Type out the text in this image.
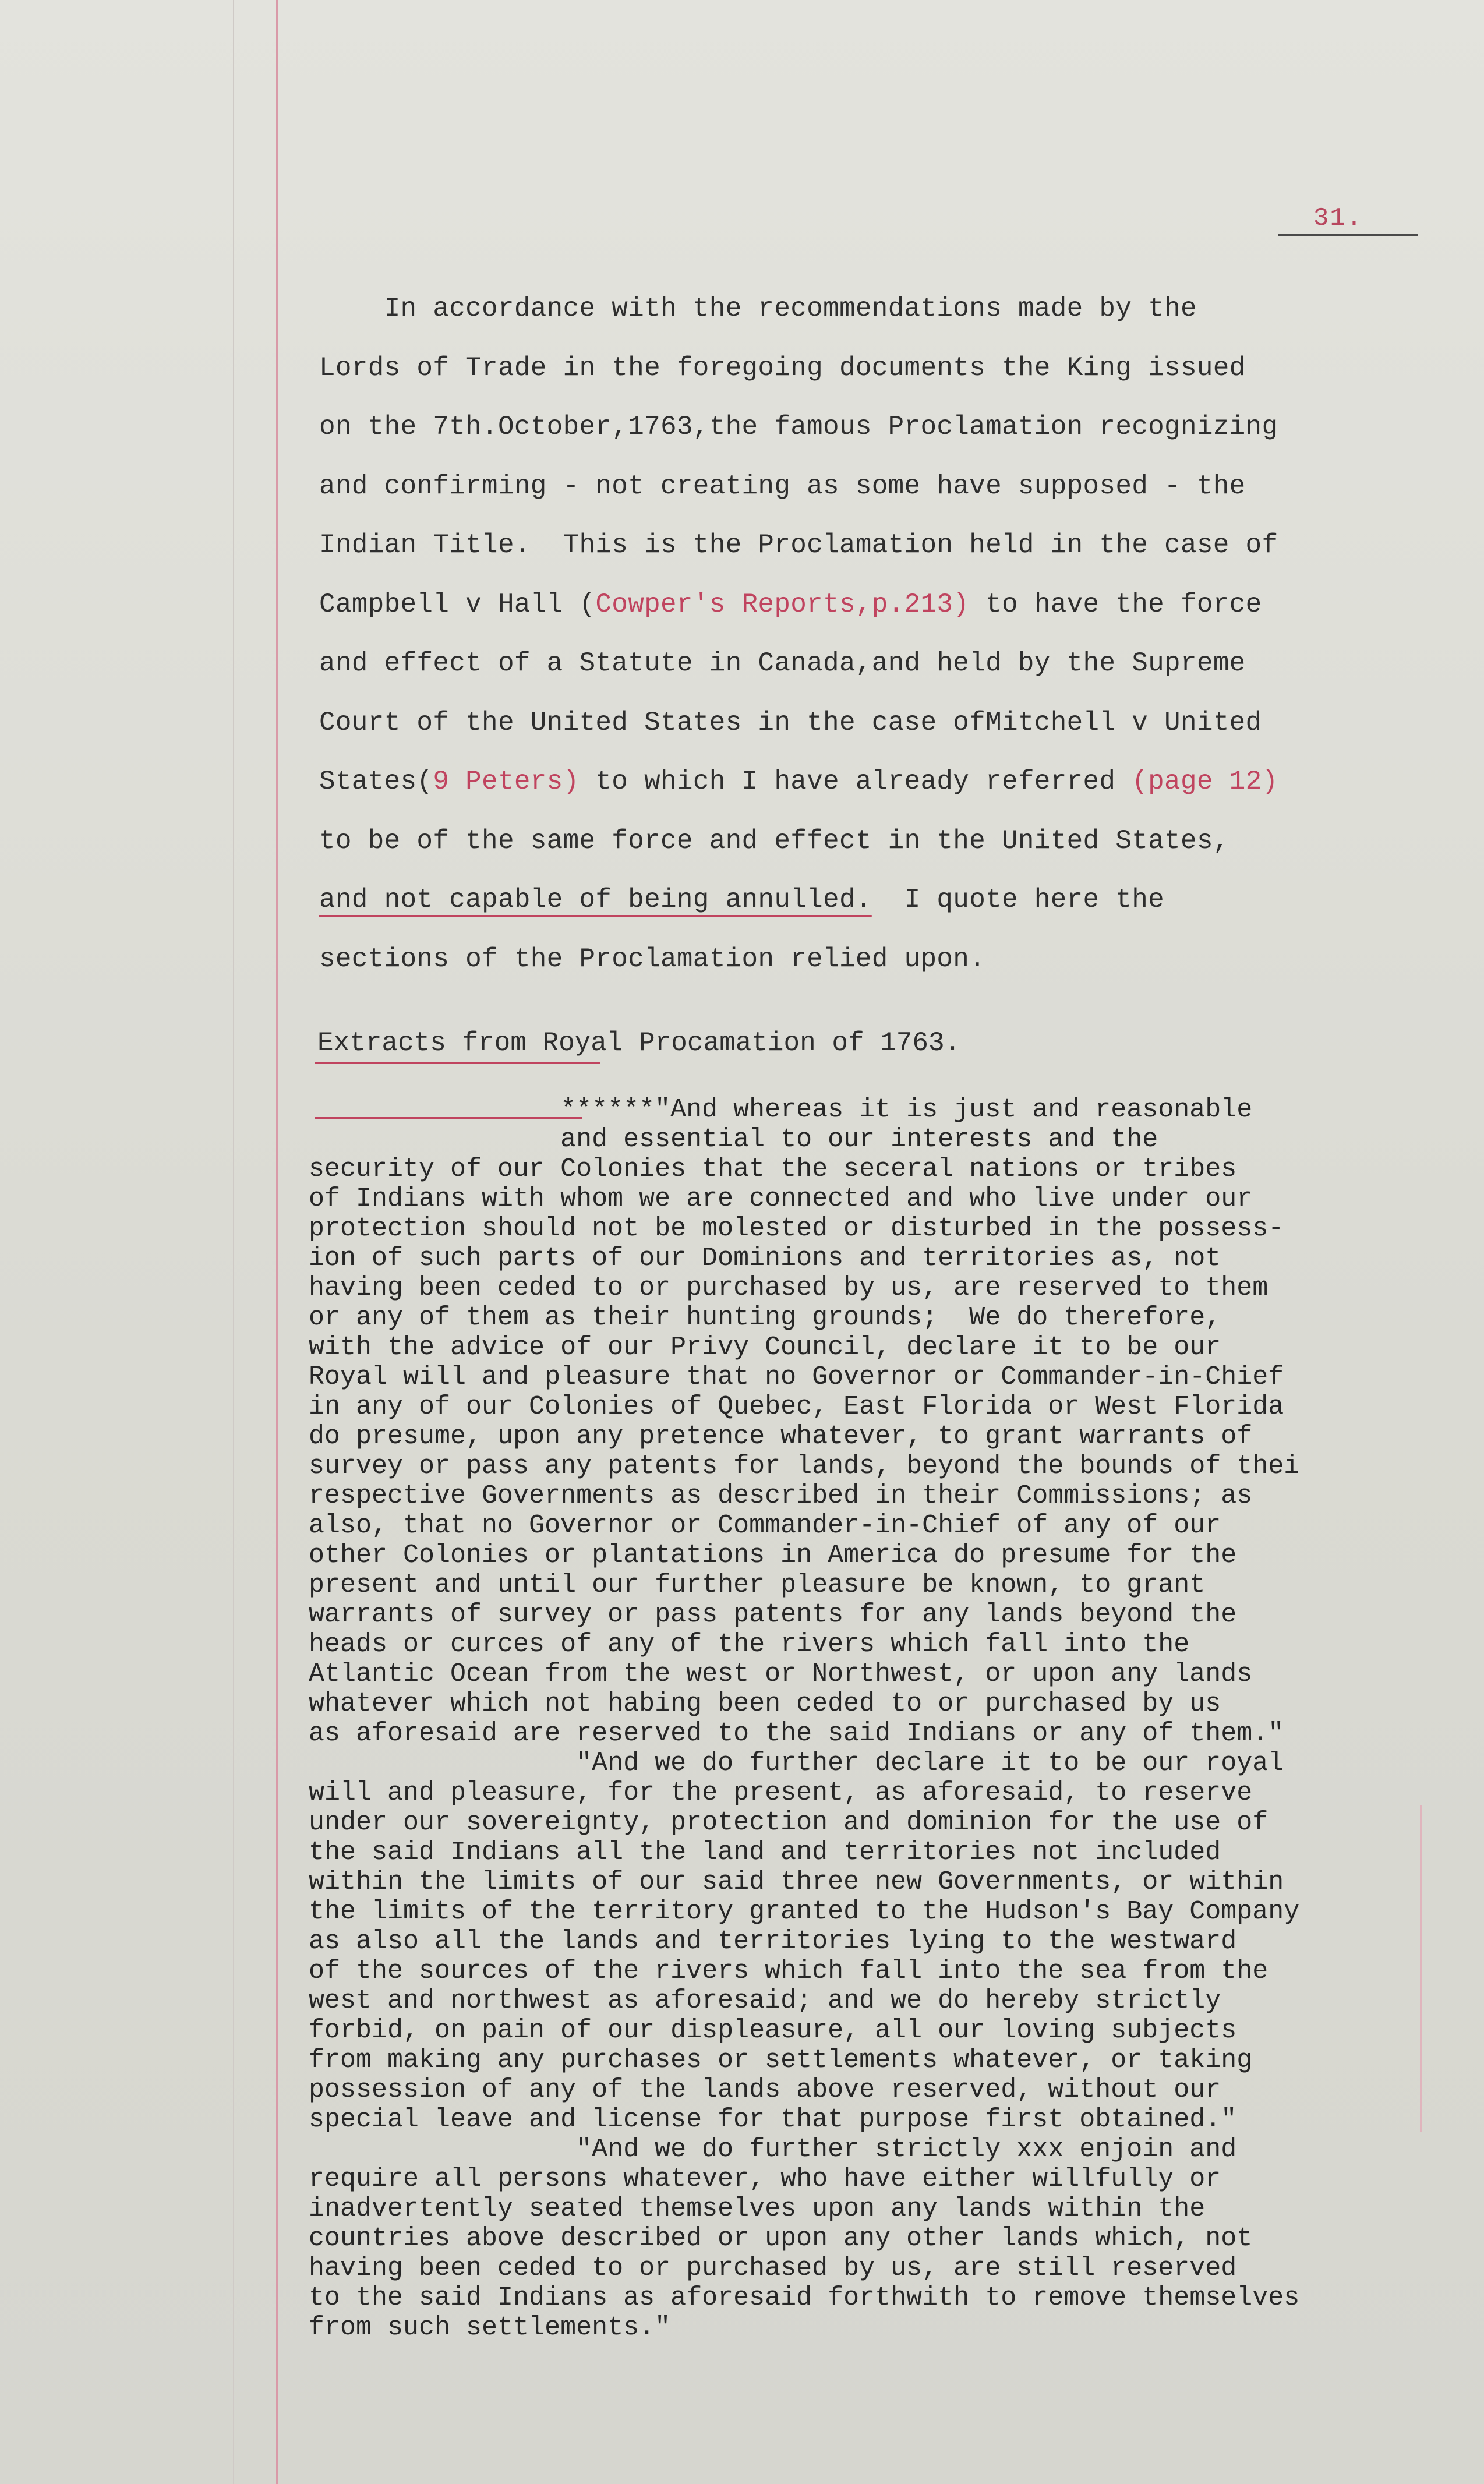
31.
In accordance with the recommendations made by the
Lords of Trade in the foregoing documents the King issued
on the 7th.October,1763,the famous Proclamation recognizing
and confirming - not creating as some have supposed - the
Indian Title.  This is the Proclamation held in the case of
Campbell v Hall (Cowper's Reports,p.213) to have the force
and effect of a Statute in Canada,and held by the Supreme
Court of the United States in the case ofMitchell v United
States(9 Peters) to which I have already referred (page 12)
to be of the same force and effect in the United States,
and not capable of being annulled.  I quote here the
sections of the Proclamation relied upon.
Extracts from Royal Procamation of 1763.
******"And whereas it is just and reasonable
and essential to our interests and the
security of our Colonies that the seceral nations or tribes
of Indians with whom we are connected and who live under our
protection should not be molested or disturbed in the possess-
ion of such parts of our Dominions and territories as, not
having been ceded to or purchased by us, are reserved to them
or any of them as their hunting grounds;  We do therefore,
with the advice of our Privy Council, declare it to be our
Royal will and pleasure that no Governor or Commander-in-Chief
in any of our Colonies of Quebec, East Florida or West Florida
do presume, upon any pretence whatever, to grant warrants of
survey or pass any patents for lands, beyond the bounds of thei
respective Governments as described in their Commissions; as
also, that no Governor or Commander-in-Chief of any of our
other Colonies or plantations in America do presume for the
present and until our further pleasure be known, to grant
warrants of survey or pass patents for any lands beyond the
heads or curces of any of the rivers which fall into the
Atlantic Ocean from the west or Northwest, or upon any lands
whatever which not habing been ceded to or purchased by us
as aforesaid are reserved to the said Indians or any of them."
"And we do further declare it to be our royal
will and pleasure, for the present, as aforesaid, to reserve
under our sovereignty, protection and dominion for the use of
the said Indians all the land and territories not included
within the limits of our said three new Governments, or within
the limits of the territory granted to the Hudson's Bay Company
as also all the lands and territories lying to the westward
of the sources of the rivers which fall into the sea from the
west and northwest as aforesaid; and we do hereby strictly
forbid, on pain of our displeasure, all our loving subjects
from making any purchases or settlements whatever, or taking
possession of any of the lands above reserved, without our
special leave and license for that purpose first obtained."
"And we do further strictly xxx enjoin and
require all persons whatever, who have either willfully or
inadvertently seated themselves upon any lands within the
countries above described or upon any other lands which, not
having been ceded to or purchased by us, are still reserved
to the said Indians as aforesaid forthwith to remove themselves
from such settlements."
